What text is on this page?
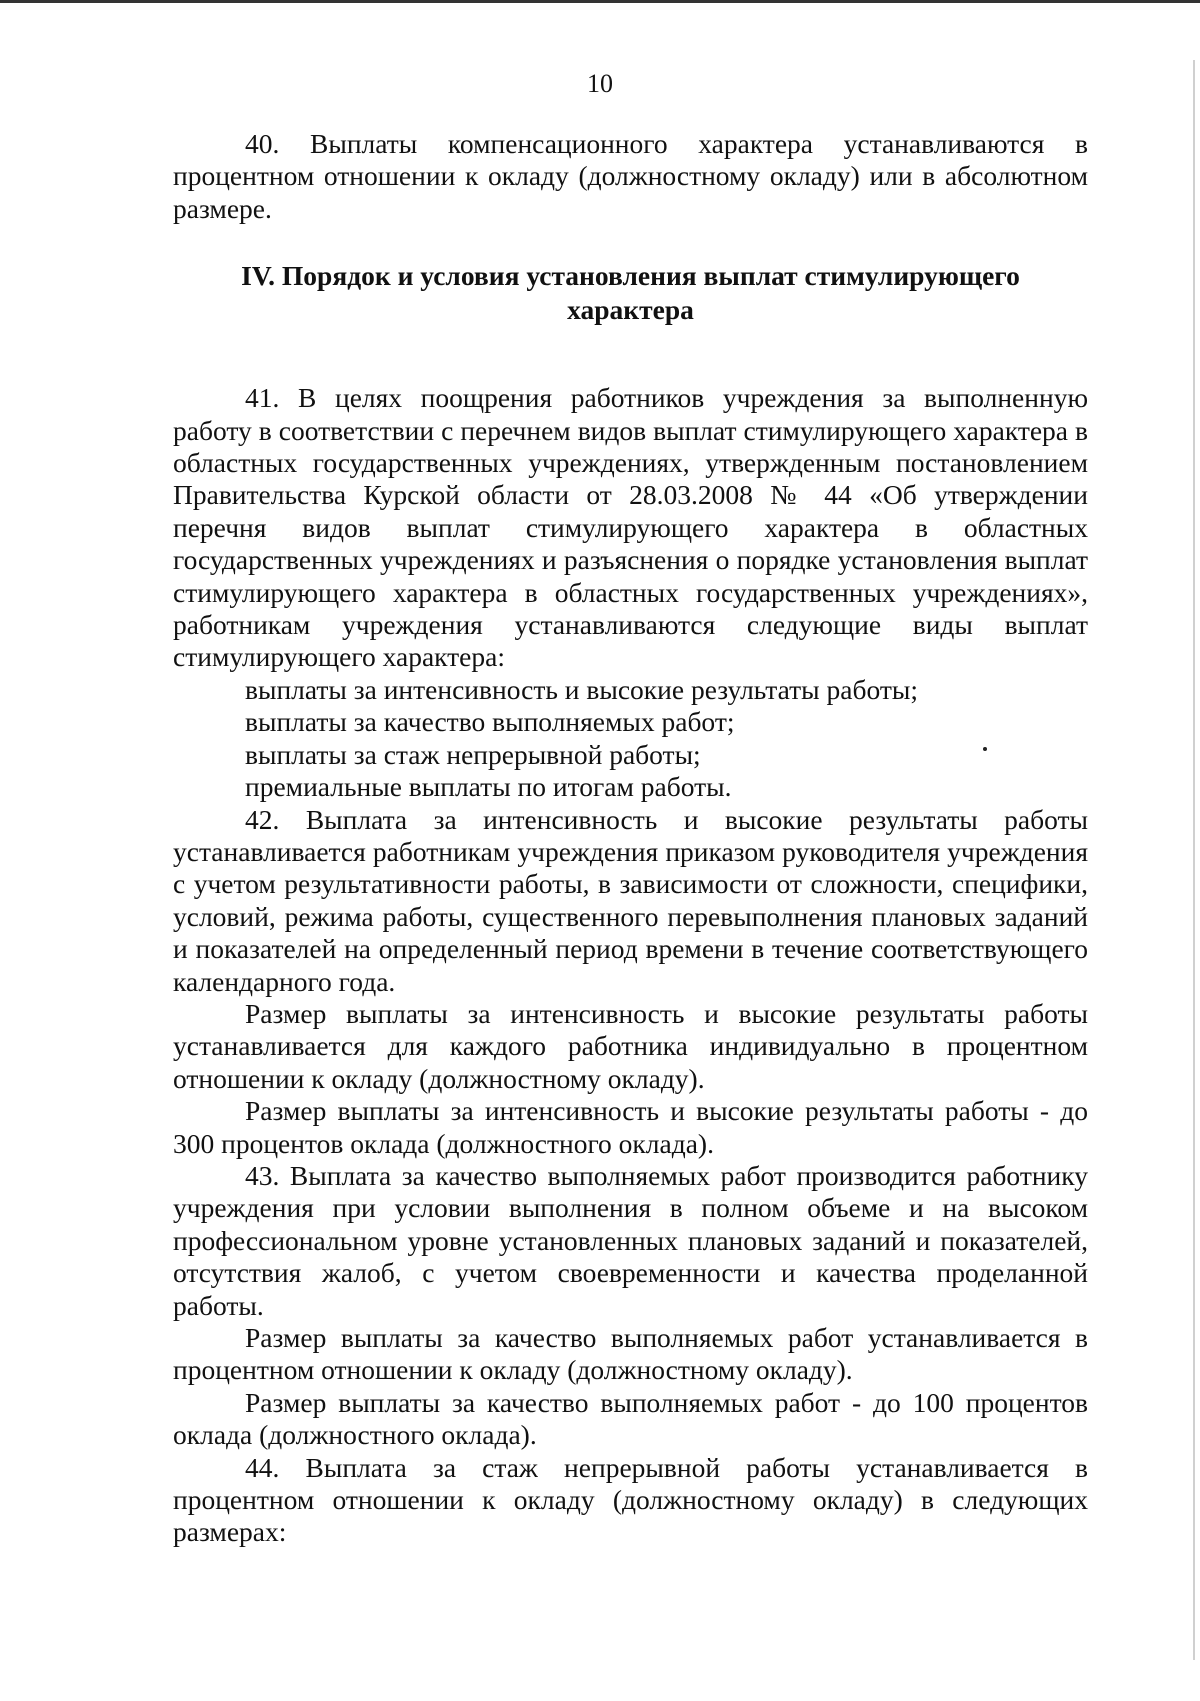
10

40. Выплаты компенсационного характера устанавливаются в процентном отношении к окладу (должностному окладу) или в абсолютном размере.

IV. Порядок и условия установления выплат стимулирующего
характера

41. В целях поощрения работников учреждения за выполненную работу в соответствии с перечнем видов выплат стимулирующего характера в областных государственных учреждениях, утвержденным постановлением Правительства Курской области от 28.03.2008 № 44 «Об утверждении перечня видов выплат стимулирующего характера в областных государственных учреждениях и разъяснения о порядке установления выплат стимулирующего характера в областных государственных учреждениях», работникам учреждения устанавливаются следующие виды выплат стимулирующего характера:

выплаты за интенсивность и высокие результаты работы;

выплаты за качество выполняемых работ;

выплаты за стаж непрерывной работы;

премиальные выплаты по итогам работы.

42. Выплата за интенсивность и высокие результаты работы устанавливается работникам учреждения приказом руководителя учреждения с учетом результативности работы, в зависимости от сложности, специфики, условий, режима работы, существенного перевыполнения плановых заданий и показателей на определенный период времени в течение соответствующего календарного года.

Размер выплаты за интенсивность и высокие результаты работы устанавливается для каждого работника индивидуально в процентном отношении к окладу (должностному окладу).

Размер выплаты за интенсивность и высокие результаты работы - до 300 процентов оклада (должностного оклада).

43. Выплата за качество выполняемых работ производится работнику учреждения при условии выполнения в полном объеме и на высоком профессиональном уровне установленных плановых заданий и показателей, отсутствия жалоб, с учетом своевременности и качества проделанной работы.

Размер выплаты за качество выполняемых работ устанавливается в процентном отношении к окладу (должностному окладу).

Размер выплаты за качество выполняемых работ - до 100 процентов оклада (должностного оклада).

44. Выплата за стаж непрерывной работы устанавливается в процентном отношении к окладу (должностному окладу) в следующих размерах:
